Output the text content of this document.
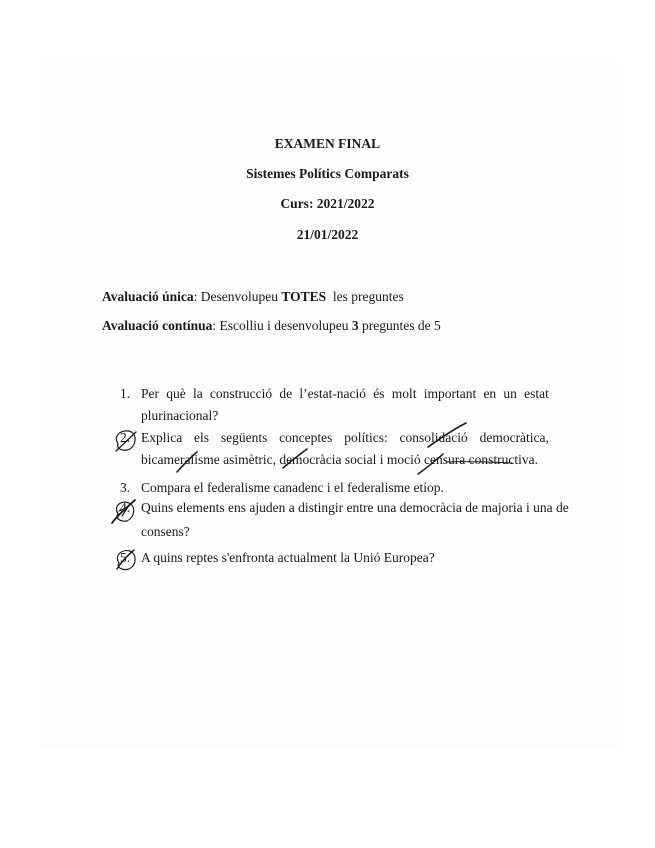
EXAMEN FINAL
Sistemes Polítics Comparats
Curs: 2021/2022
21/01/2022
Avaluació única: Desenvolupeu TOTES  les preguntes
Avaluació contínua: Escolliu i desenvolupeu 3 preguntes de 5
1. Per què la construcció de l’estat-nació és molt important en un estat
plurinacional?
2. Explica els següents conceptes polítics: consolidació democràtica,
bicameralisme asimètric, democràcia social i moció censura constructiva.
3. Compara el federalisme canadenc i el federalisme etíop.
4. Quins elements ens ajuden a distingir entre una democràcia de majoria i una de
consens?
5. A quins reptes s'enfronta actualment la Unió Europea?
